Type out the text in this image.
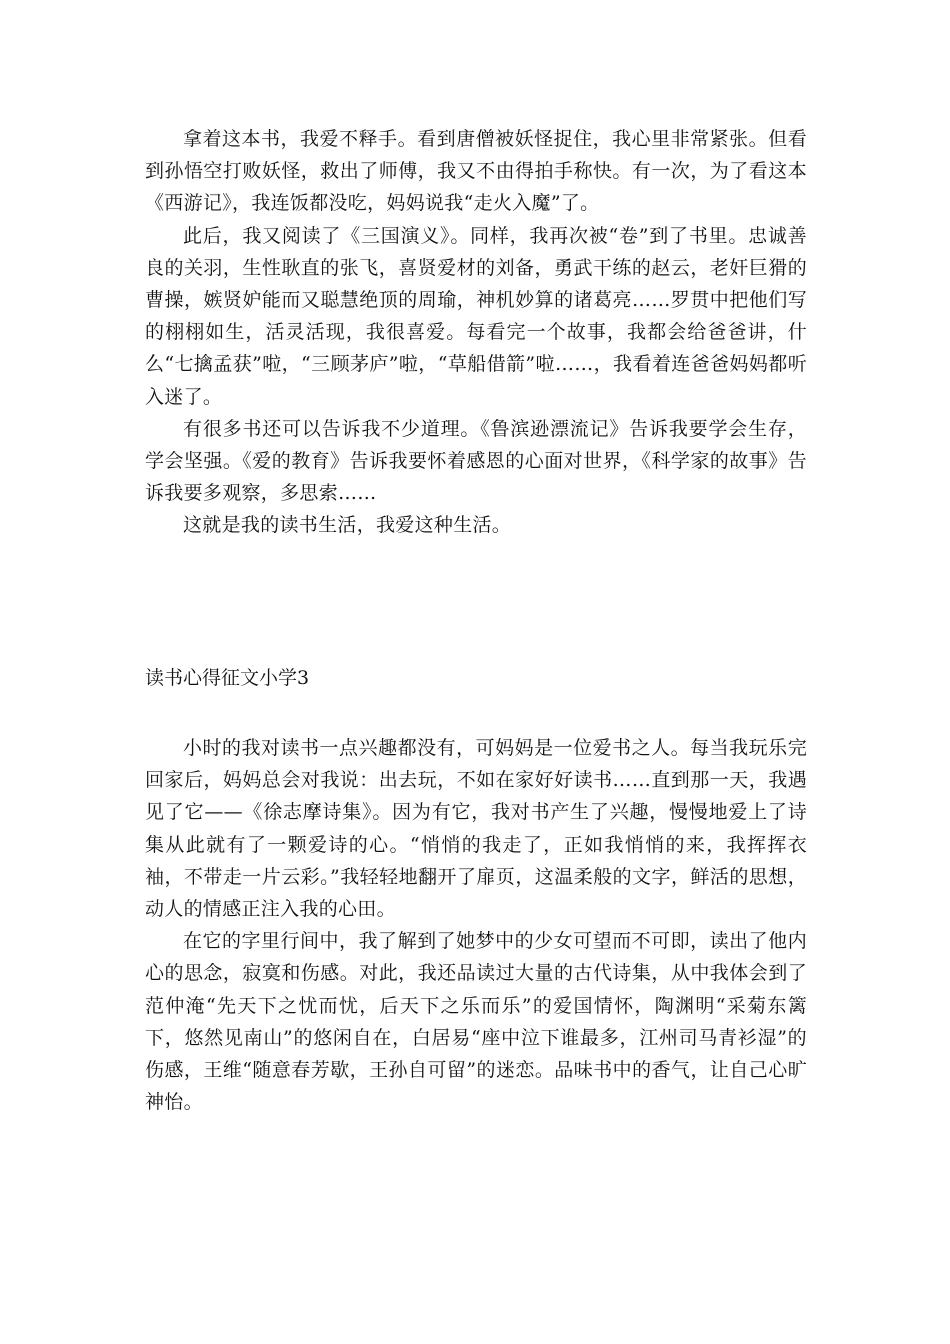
拿着这本书，我爱不释手。看到唐僧被妖怪捉住，我心里非常紧张。但看到孙悟空打败妖怪，救出了师傅，我又不由得拍手称快。有一次，为了看这本《西游记》，我连饭都没吃，妈妈说我“走火入魔”了。

此后，我又阅读了《三国演义》。同样，我再次被“卷”到了书里。忠诚善良的关羽，生性耿直的张飞，喜贤爱材的刘备，勇武干练的赵云，老奸巨猾的曹操，嫉贤妒能而又聪慧绝顶的周瑜，神机妙算的诸葛亮……罗贯中把他们写的栩栩如生，活灵活现，我很喜爱。每看完一个故事，我都会给爸爸讲，什么“七擒孟获”啦，“三顾茅庐”啦，“草船借箭”啦……，我看着连爸爸妈妈都听入迷了。

有很多书还可以告诉我不少道理。《鲁滨逊漂流记》告诉我要学会生存，学会坚强。《爱的教育》告诉我要怀着感恩的心面对世界，《科学家的故事》告诉我要多观察，多思索……

这就是我的读书生活，我爱这种生活。

读书心得征文小学3

小时的我对读书一点兴趣都没有，可妈妈是一位爱书之人。每当我玩乐完回家后，妈妈总会对我说：出去玩，不如在家好好读书……直到那一天，我遇见了它——《徐志摩诗集》。因为有它，我对书产生了兴趣，慢慢地爱上了诗集从此就有了一颗爱诗的心。“悄悄的我走了，正如我悄悄的来，我挥挥衣袖，不带走一片云彩。”我轻轻地翻开了扉页，这温柔般的文字，鲜活的思想，动人的情感正注入我的心田。

在它的字里行间中，我了解到了她梦中的少女可望而不可即，读出了他内心的思念，寂寞和伤感。对此，我还品读过大量的古代诗集，从中我体会到了范仲淹“先天下之忧而忧，后天下之乐而乐”的爱国情怀，陶渊明“采菊东篱下，悠然见南山”的悠闲自在，白居易“座中泣下谁最多，江州司马青衫湿”的伤感，王维“随意春芳歇，王孙自可留”的迷恋。品味书中的香气，让自己心旷神怡。
